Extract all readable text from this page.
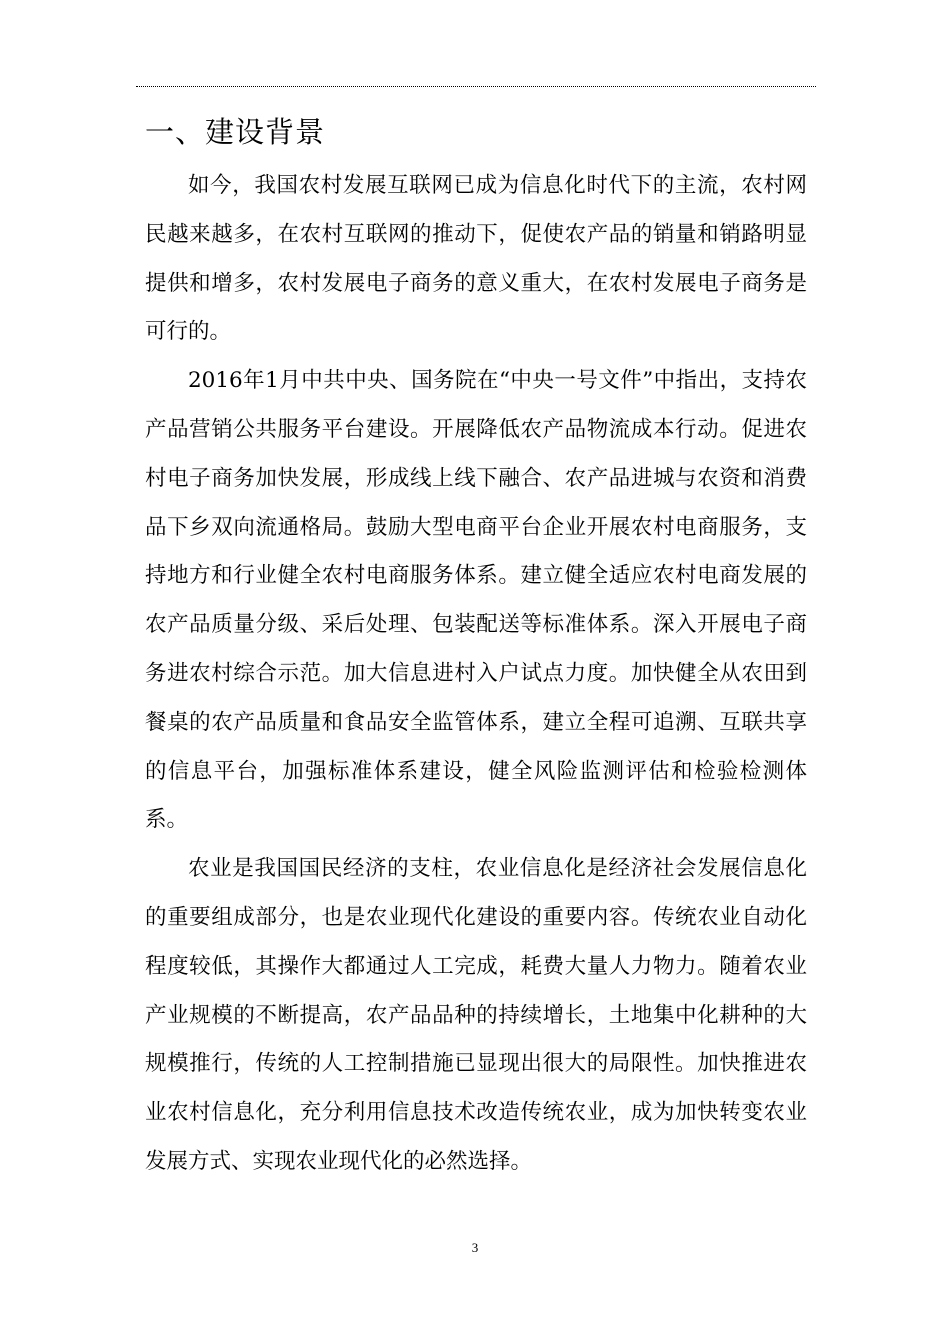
一、建设背景

如今，我国农村发展互联网已成为信息化时代下的主流，农村网民越来越多，在农村互联网的推动下，促使农产品的销量和销路明显提供和增多，农村发展电子商务的意义重大，在农村发展电子商务是可行的。

2016年1月中共中央、国务院在“中央一号文件”中指出，支持农产品营销公共服务平台建设。开展降低农产品物流成本行动。促进农村电子商务加快发展，形成线上线下融合、农产品进城与农资和消费品下乡双向流通格局。鼓励大型电商平台企业开展农村电商服务，支持地方和行业健全农村电商服务体系。建立健全适应农村电商发展的农产品质量分级、采后处理、包装配送等标准体系。深入开展电子商务进农村综合示范。加大信息进村入户试点力度。加快健全从农田到餐桌的农产品质量和食品安全监管体系，建立全程可追溯、互联共享的信息平台，加强标准体系建设，健全风险监测评估和检验检测体系。

农业是我国国民经济的支柱，农业信息化是经济社会发展信息化的重要组成部分，也是农业现代化建设的重要内容。传统农业自动化程度较低，其操作大都通过人工完成，耗费大量人力物力。随着农业产业规模的不断提高，农产品品种的持续增长，土地集中化耕种的大规模推行，传统的人工控制措施已显现出很大的局限性。加快推进农业农村信息化，充分利用信息技术改造传统农业，成为加快转变农业发展方式、实现农业现代化的必然选择。

3
